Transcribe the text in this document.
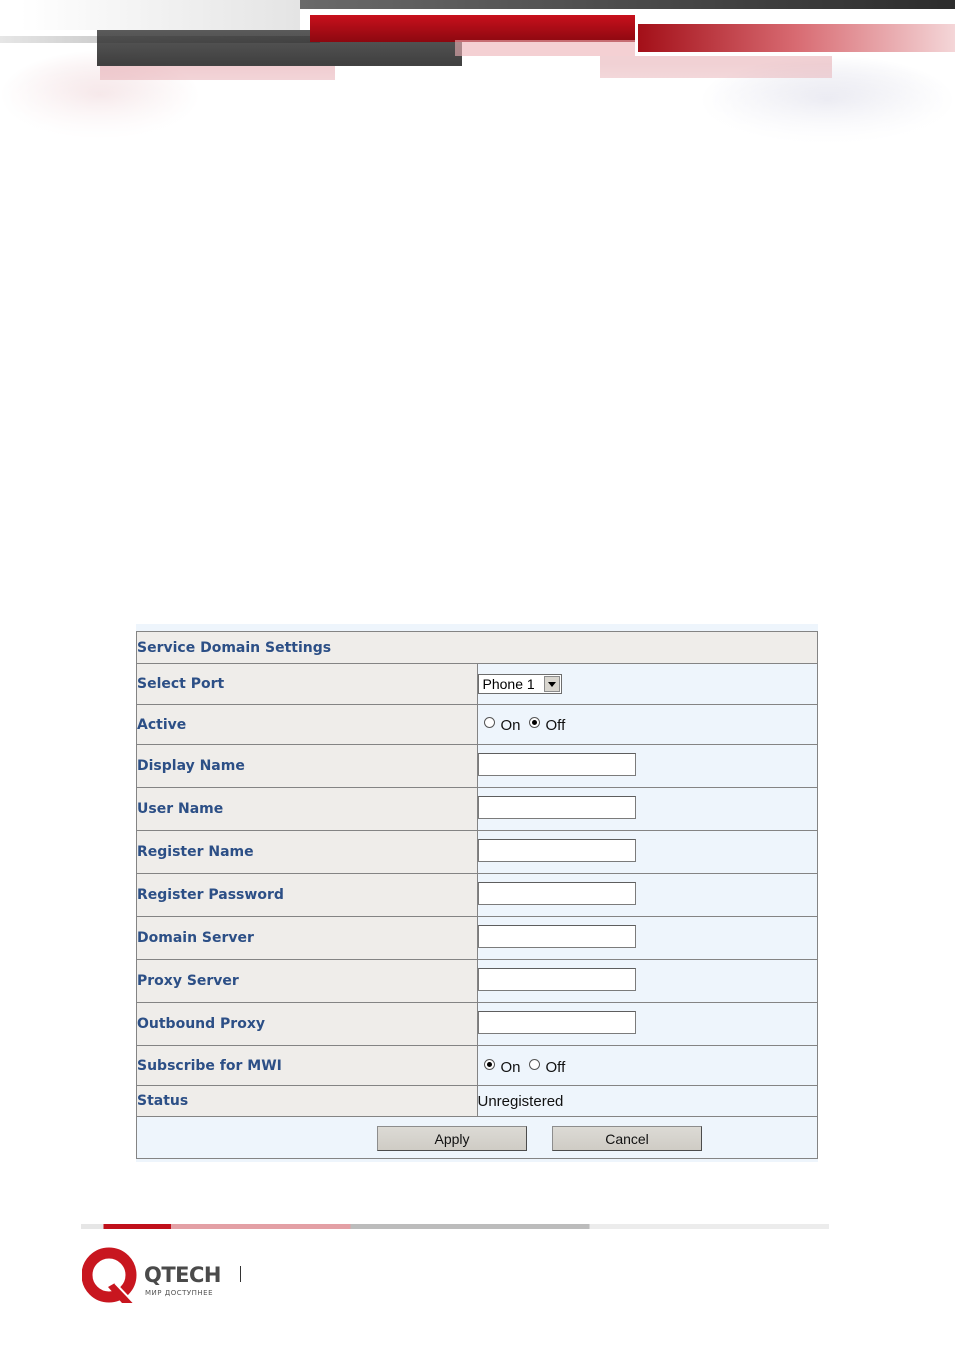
Service Domain Settings	
Select Port	Phone 1

Active	On Off

Display Name	
User Name	
Register Name	
Register Password	
Domain Server	
Proxy Server	
Outbound Proxy	
Subscribe for MWI	On Off

Status	Unregistered

Apply	Cancel
QTECH
МИР ДОСТУПНЕЕ
